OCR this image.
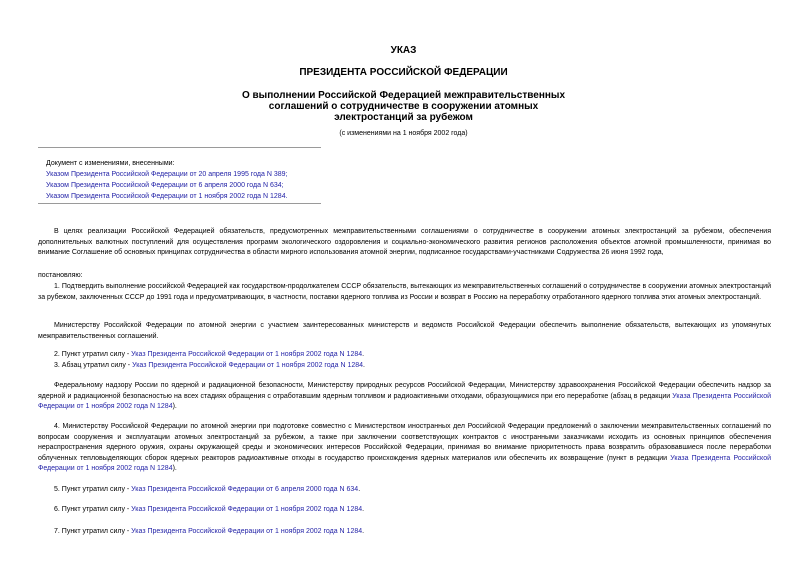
УКАЗ
ПРЕЗИДЕНТА РОССИЙСКОЙ ФЕДЕРАЦИИ
О выполнении Российской Федерацией межправительственных
соглашений о сотрудничестве в сооружении атомных
электростанций за рубежом
(с изменениями на 1 ноября 2002 года)
Документ с изменениями, внесенными:
Указом Президента Российской Федерации от 20 апреля 1995 года N 389;
Указом Президента Российской Федерации от 6 апреля 2000 года N 634;
Указом Президента Российской Федерации от 1 ноября 2002 года N 1284.
В целях реализации Российской Федерацией обязательств, предусмотренных межправительственными соглашениями о сотрудничестве в сооружении атомных электростанций за рубежом, обеспечения дополнительных валютных поступлений для осуществления программ экологического оздоровления и социально-экономического развития регионов расположения объектов атомной промышленности, принимая во внимание Соглашение об основных принципах сотрудничества в области мирного использования атомной энергии, подписанное государствами-участниками Содружества 26 июня 1992 года,
постановляю:
1. Подтвердить выполнение российской Федерацией как государством-продолжателем СССР обязательств, вытекающих из межправительственных соглашений о сотрудничестве в сооружении атомных электростанций за рубежом, заключенных СССР до 1991 года и предусматривающих, в частности, поставки ядерного топлива из России и возврат в Россию на переработку отработанного ядерного топлива этих атомных электростанций.
Министерству Российской Федерации по атомной энергии с участием заинтересованных министерств и ведомств Российской Федерации обеспечить выполнение обязательств, вытекающих из упомянутых межправительственных соглашений.
2. Пункт утратил силу - Указ Президента Российской Федерации от 1 ноября 2002 года N 1284.
3. Абзац утратил силу - Указ Президента Российской Федерации от 1 ноября 2002 года N 1284.
Федеральному надзору России по ядерной и радиационной безопасности, Министерству природных ресурсов Российской Федерации, Министерству здравоохранения Российской Федерации обеспечить надзор за ядерной и радиационной безопасностью на всех стадиях обращения с отработавшим ядерным топливом и радиоактивными отходами, образующимися при его переработке (абзац в редакции Указа Президента Российской Федерации от 1 ноября 2002 года N 1284).
4. Министерству Российской Федерации по атомной энергии при подготовке совместно с Министерством иностранных дел Российской Федерации предложений о заключении межправительственных соглашений по вопросам сооружения и эксплуатации атомных электростанций за рубежом, а также при заключении соответствующих контрактов с иностранными заказчиками исходить из основных принципов обеспечения нераспространения ядерного оружия, охраны окружающей среды и экономических интересов Российской Федерации, принимая во внимание приоритетность права возвратить образовавшиеся после переработки облученных тепловыделяющих сборок ядерных реакторов радиоактивные отходы в государство происхождения ядерных материалов или обеспечить их возвращение (пункт в редакции Указа Президента Российской Федерации от 1 ноября 2002 года N 1284).
5. Пункт утратил силу - Указ Президента Российской Федерации от 6 апреля 2000 года N 634.
6. Пункт утратил силу - Указ Президента Российской Федерации от 1 ноября 2002 года N 1284.
7. Пункт утратил силу - Указ Президента Российской Федерации от 1 ноября 2002 года N 1284.
